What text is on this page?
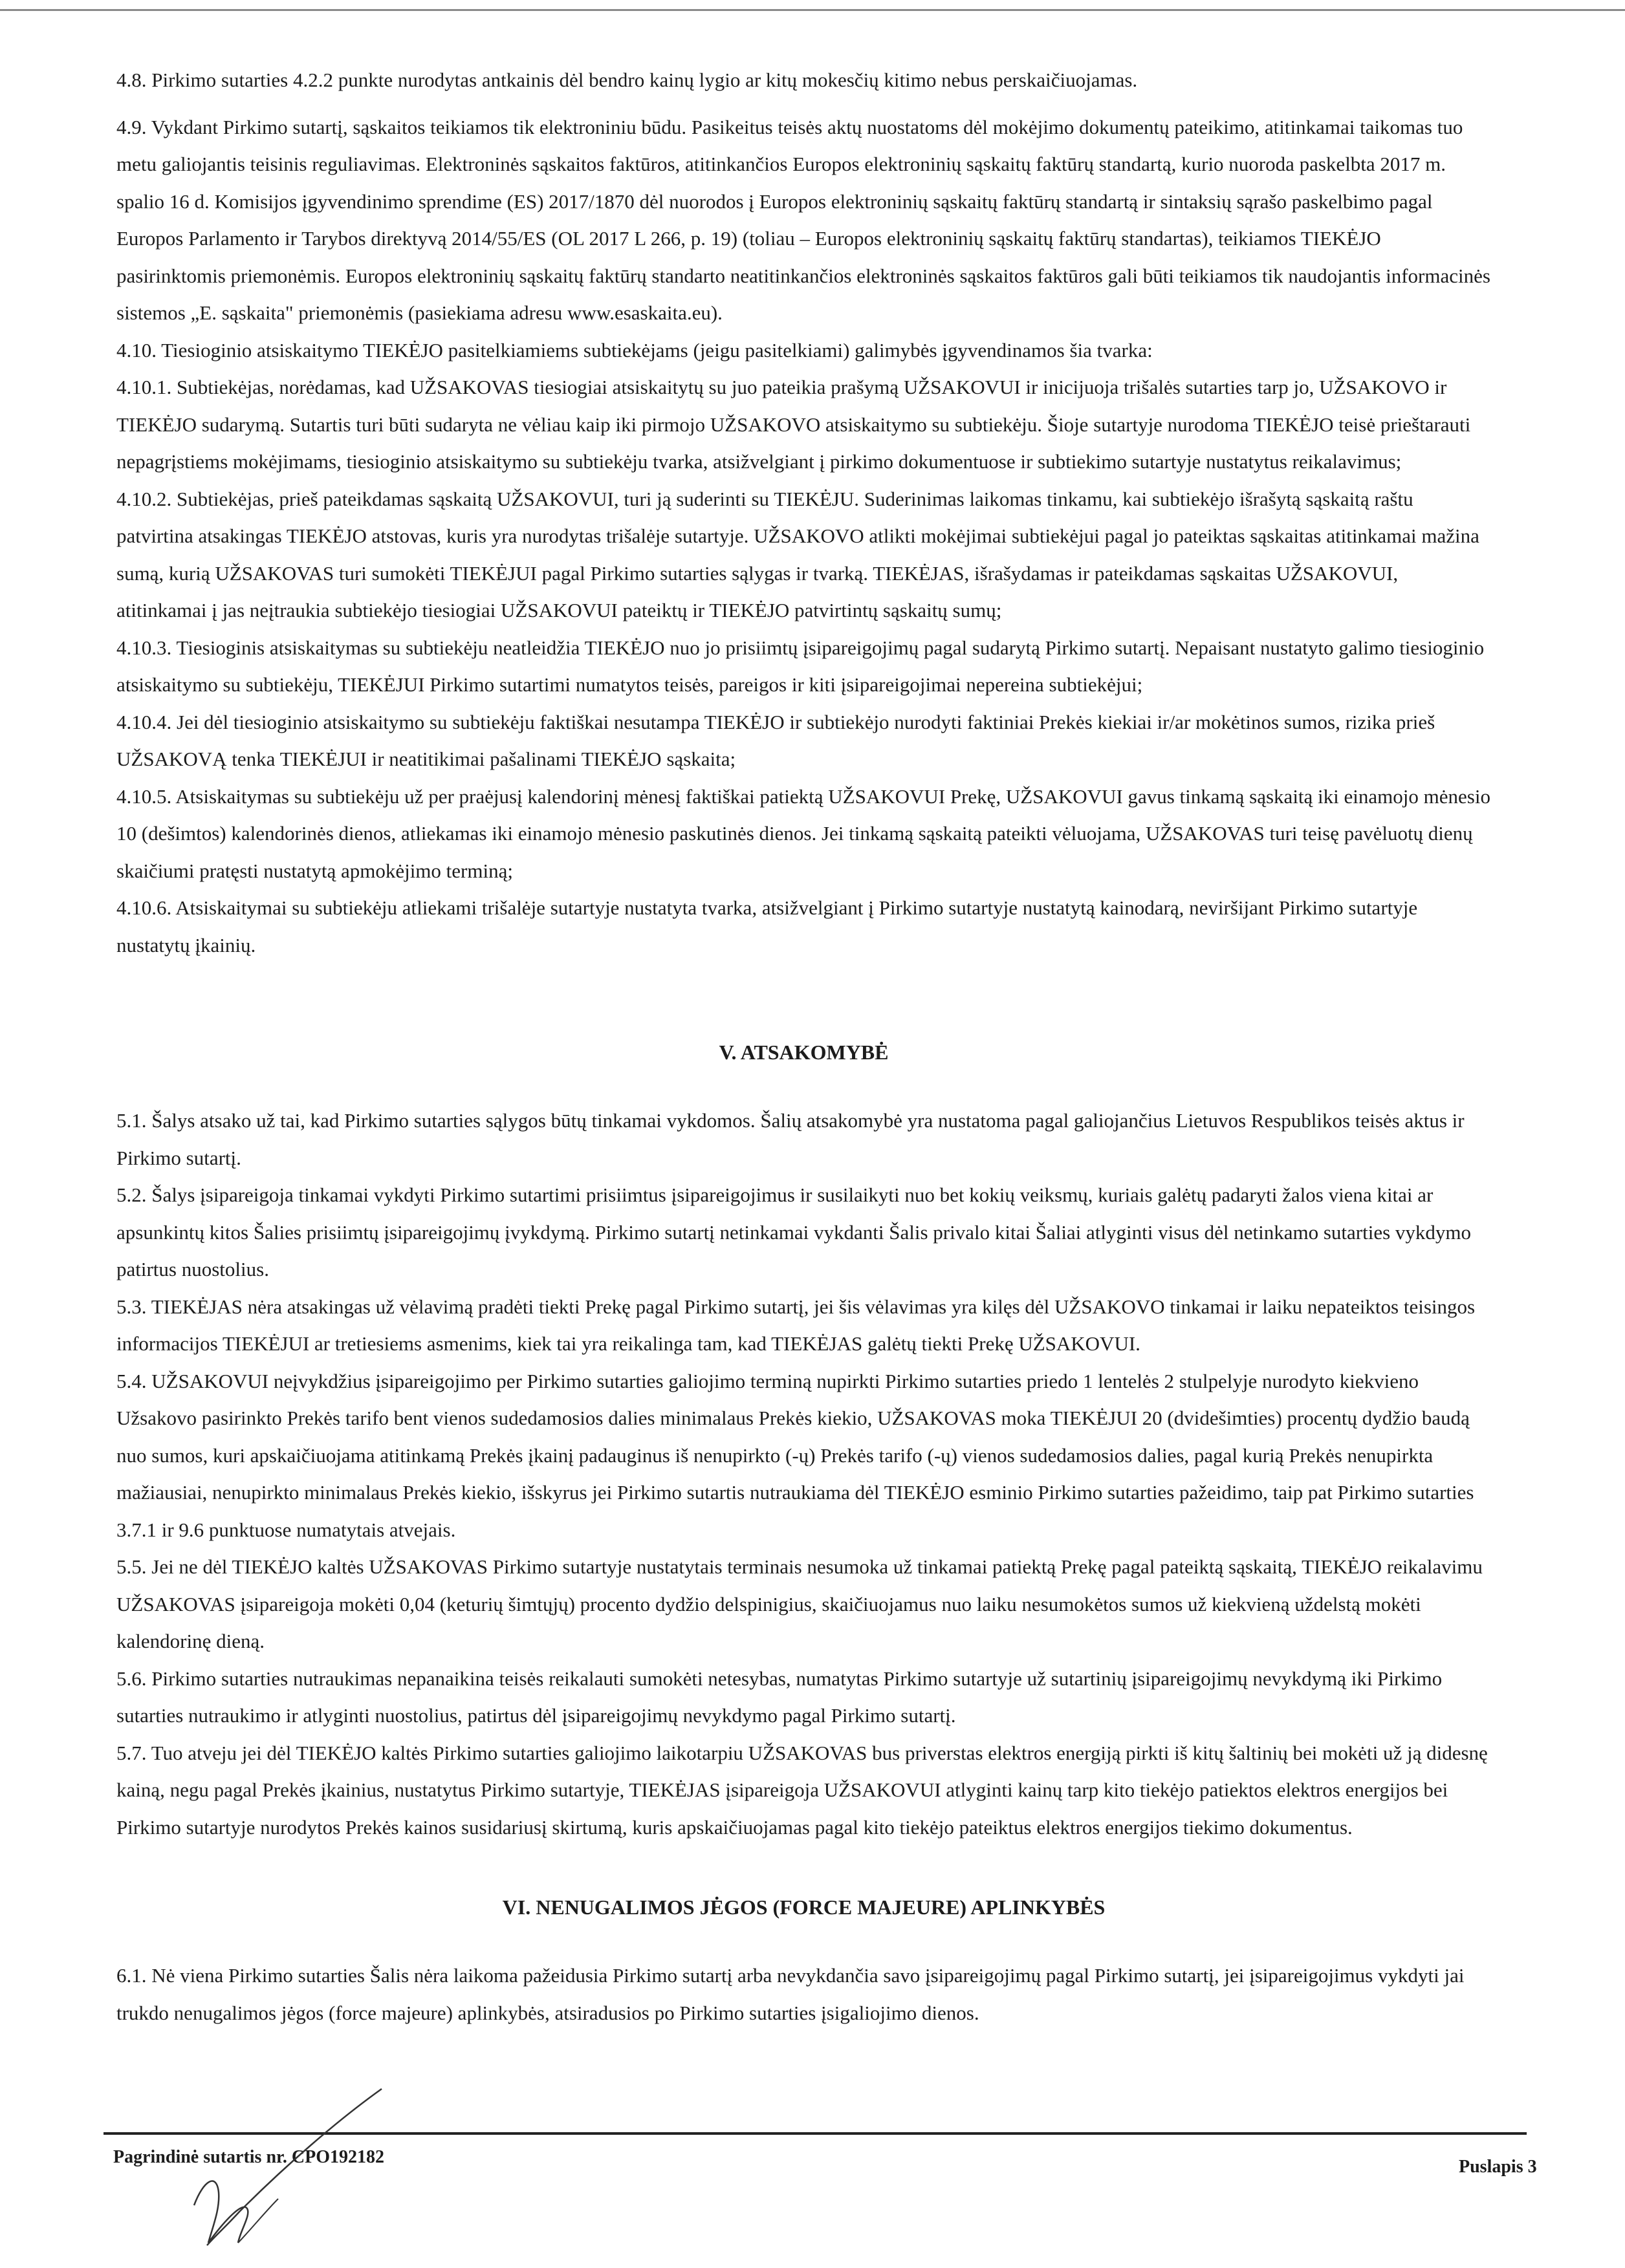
4.8. Pirkimo sutarties 4.2.2 punkte nurodytas antkainis dėl bendro kainų lygio ar kitų mokesčių kitimo nebus perskaičiuojamas.

4.9. Vykdant Pirkimo sutartį, sąskaitos teikiamos tik elektroniniu būdu. Pasikeitus teisės aktų nuostatoms dėl mokėjimo dokumentų pateikimo, atitinkamai taikomas tuo metu galiojantis teisinis reguliavimas. Elektroninės sąskaitos faktūros, atitinkančios Europos elektroninių sąskaitų faktūrų standartą, kurio nuoroda paskelbta 2017 m. spalio 16 d. Komisijos įgyvendinimo sprendime (ES) 2017/1870 dėl nuorodos į Europos elektroninių sąskaitų faktūrų standartą ir sintaksių sąrašo paskelbimo pagal Europos Parlamento ir Tarybos direktyvą 2014/55/ES (OL 2017 L 266, p. 19) (toliau – Europos elektroninių sąskaitų faktūrų standartas), teikiamos TIEKĖJO pasirinktomis priemonėmis. Europos elektroninių sąskaitų faktūrų standarto neatitinkančios elektroninės sąskaitos faktūros gali būti teikiamos tik naudojantis informacinės sistemos „E. sąskaita" priemonėmis (pasiekiama adresu www.esaskaita.eu).

4.10. Tiesioginio atsiskaitymo TIEKĖJO pasitelkiamiems subtiekėjams (jeigu pasitelkiami) galimybės įgyvendinamos šia tvarka:

4.10.1. Subtiekėjas, norėdamas, kad UŽSAKOVAS tiesiogiai atsiskaitytų su juo pateikia prašymą UŽSAKOVUI ir inicijuoja trišalės sutarties tarp jo, UŽSAKOVO ir TIEKĖJO sudarymą. Sutartis turi būti sudaryta ne vėliau kaip iki pirmojo UŽSAKOVO atsiskaitymo su subtiekėju. Šioje sutartyje nurodoma TIEKĖJO teisė prieštarauti nepagrįstiems mokėjimams, tiesioginio atsiskaitymo su subtiekėju tvarka, atsižvelgiant į pirkimo dokumentuose ir subtiekimo sutartyje nustatytus reikalavimus;

4.10.2. Subtiekėjas, prieš pateikdamas sąskaitą UŽSAKOVUI, turi ją suderinti su TIEKĖJU. Suderinimas laikomas tinkamu, kai subtiekėjo išrašytą sąskaitą raštu patvirtina atsakingas TIEKĖJO atstovas, kuris yra nurodytas trišalėje sutartyje. UŽSAKOVO atlikti mokėjimai subtiekėjui pagal jo pateiktas sąskaitas atitinkamai mažina sumą, kurią UŽSAKOVAS turi sumokėti TIEKĖJUI pagal Pirkimo sutarties sąlygas ir tvarką. TIEKĖJAS, išrašydamas ir pateikdamas sąskaitas UŽSAKOVUI, atitinkamai į jas neįtraukia subtiekėjo tiesiogiai UŽSAKOVUI pateiktų ir TIEKĖJO patvirtintų sąskaitų sumų;

4.10.3. Tiesioginis atsiskaitymas su subtiekėju neatleidžia TIEKĖJO nuo jo prisiimtų įsipareigojimų pagal sudarytą Pirkimo sutartį. Nepaisant nustatyto galimo tiesioginio atsiskaitymo su subtiekėju, TIEKĖJUI Pirkimo sutartimi numatytos teisės, pareigos ir kiti įsipareigojimai nepereina subtiekėjui;

4.10.4. Jei dėl tiesioginio atsiskaitymo su subtiekėju faktiškai nesutampa TIEKĖJO ir subtiekėjo nurodyti faktiniai Prekės kiekiai ir/ar mokėtinos sumos, rizika prieš UŽSAKOVĄ tenka TIEKĖJUI ir neatitikimai pašalinami TIEKĖJO sąskaita;

4.10.5. Atsiskaitymas su subtiekėju už per praėjusį kalendorinį mėnesį faktiškai patiektą UŽSAKOVUI Prekę, UŽSAKOVUI gavus tinkamą sąskaitą iki einamojo mėnesio 10 (dešimtos) kalendorinės dienos, atliekamas iki einamojo mėnesio paskutinės dienos. Jei tinkamą sąskaitą pateikti vėluojama, UŽSAKOVAS turi teisę pavėluotų dienų skaičiumi pratęsti nustatytą apmokėjimo terminą;

4.10.6. Atsiskaitymai su subtiekėju atliekami trišalėje sutartyje nustatyta tvarka, atsižvelgiant į Pirkimo sutartyje nustatytą kainodarą, neviršijant Pirkimo sutartyje nustatytų įkainių.

V. ATSAKOMYBĖ

5.1. Šalys atsako už tai, kad Pirkimo sutarties sąlygos būtų tinkamai vykdomos. Šalių atsakomybė yra nustatoma pagal galiojančius Lietuvos Respublikos teisės aktus ir Pirkimo sutartį.

5.2. Šalys įsipareigoja tinkamai vykdyti Pirkimo sutartimi prisiimtus įsipareigojimus ir susilaikyti nuo bet kokių veiksmų, kuriais galėtų padaryti žalos viena kitai ar apsunkintų kitos Šalies prisiimtų įsipareigojimų įvykdymą. Pirkimo sutartį netinkamai vykdanti Šalis privalo kitai Šaliai atlyginti visus dėl netinkamo sutarties vykdymo patirtus nuostolius.

5.3. TIEKĖJAS nėra atsakingas už vėlavimą pradėti tiekti Prekę pagal Pirkimo sutartį, jei šis vėlavimas yra kilęs dėl UŽSAKOVO tinkamai ir laiku nepateiktos teisingos informacijos TIEKĖJUI ar tretiesiems asmenims, kiek tai yra reikalinga tam, kad TIEKĖJAS galėtų tiekti Prekę UŽSAKOVUI.

5.4. UŽSAKOVUI neįvykdžius įsipareigojimo per Pirkimo sutarties galiojimo terminą nupirkti Pirkimo sutarties priedo 1 lentelės 2 stulpelyje nurodyto kiekvieno Užsakovo pasirinkto Prekės tarifo bent vienos sudedamosios dalies minimalaus Prekės kiekio, UŽSAKOVAS moka TIEKĖJUI 20 (dvidešimties) procentų dydžio baudą nuo sumos, kuri apskaičiuojama atitinkamą Prekės įkainį padauginus iš nenupirkto (-ų) Prekės tarifo (-ų) vienos sudedamosios dalies, pagal kurią Prekės nenupirkta mažiausiai, nenupirkto minimalaus Prekės kiekio, išskyrus jei Pirkimo sutartis nutraukiama dėl TIEKĖJO esminio Pirkimo sutarties pažeidimo, taip pat Pirkimo sutarties 3.7.1 ir 9.6 punktuose numatytais atvejais.

5.5. Jei ne dėl TIEKĖJO kaltės UŽSAKOVAS Pirkimo sutartyje nustatytais terminais nesumoka už tinkamai patiektą Prekę pagal pateiktą sąskaitą, TIEKĖJO reikalavimu UŽSAKOVAS įsipareigoja mokėti 0,04 (keturių šimtųjų) procento dydžio delspinigius, skaičiuojamus nuo laiku nesumokėtos sumos už kiekvieną uždelstą mokėti kalendorinę dieną.

5.6. Pirkimo sutarties nutraukimas nepanaikina teisės reikalauti sumokėti netesybas, numatytas Pirkimo sutartyje už sutartinių įsipareigojimų nevykdymą iki Pirkimo sutarties nutraukimo ir atlyginti nuostolius, patirtus dėl įsipareigojimų nevykdymo pagal Pirkimo sutartį.

5.7. Tuo atveju jei dėl TIEKĖJO kaltės Pirkimo sutarties galiojimo laikotarpiu UŽSAKOVAS bus priverstas elektros energiją pirkti iš kitų šaltinių bei mokėti už ją didesnę kainą, negu pagal Prekės įkainius, nustatytus Pirkimo sutartyje, TIEKĖJAS įsipareigoja UŽSAKOVUI atlyginti kainų tarp kito tiekėjo patiektos elektros energijos bei Pirkimo sutartyje nurodytos Prekės kainos susidariusį skirtumą, kuris apskaičiuojamas pagal kito tiekėjo pateiktus elektros energijos tiekimo dokumentus.

VI. NENUGALIMOS JĖGOS (FORCE MAJEURE) APLINKYBĖS

6.1. Nė viena Pirkimo sutarties Šalis nėra laikoma pažeidusia Pirkimo sutartį arba nevykdančia savo įsipareigojimų pagal Pirkimo sutartį, jei įsipareigojimus vykdyti jai trukdo nenugalimos jėgos (force majeure) aplinkybės, atsiradusios po Pirkimo sutarties įsigaliojimo dienos.

Pagrindinė sutartis nr. CPO192182	Puslapis 3
